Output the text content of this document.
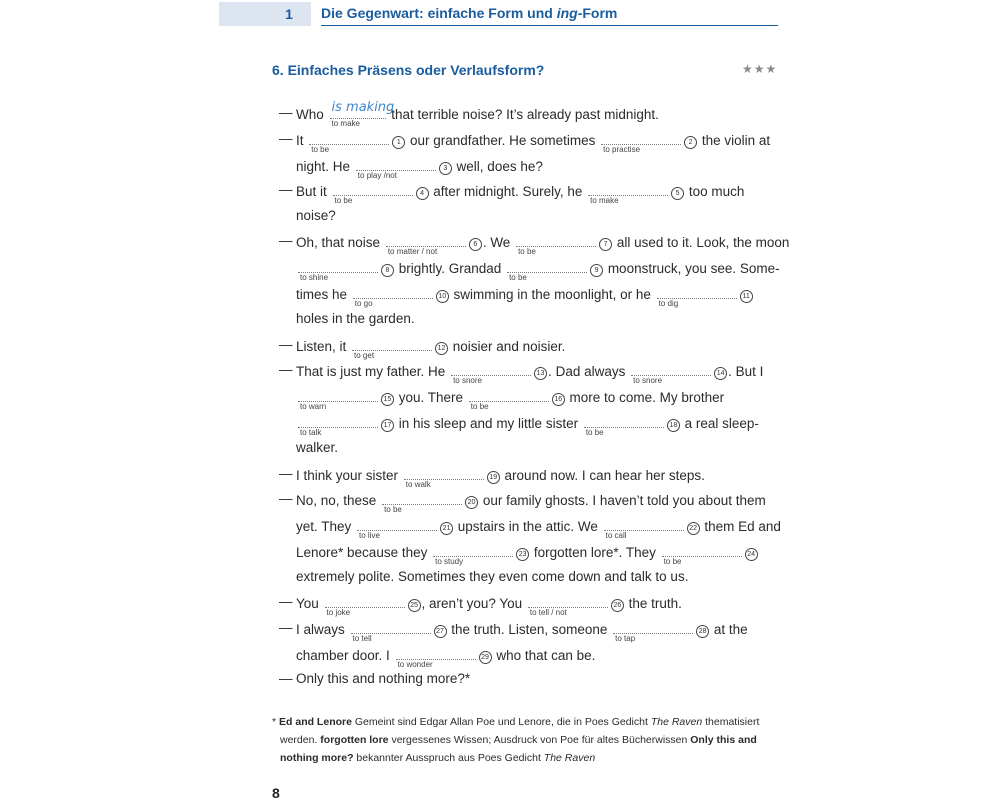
1	Die Gegenwart: einfache Form und ing-Form
6. Einfaches Präsens oder Verlaufsform?	★★★
— Who is making
to make
that terrible noise? It’s already past midnight.
— It
to be
1 our grandfather. He sometimes
to practise
2 the violin at
night. He
to play /not
3 well, does he?
— But it
to be
4 after midnight. Surely, he
to make
5 too much
noise?
— Oh, that noise
to matter / not
6 . We
to be
7 all used to it. Look, the moon
to shine
8 brightly. Grandad
to be
9 moonstruck, you see. Some-
times he
to go
10 swimming in the moonlight, or he
to dig
11
holes in the garden.
— Listen, it
to get
12 noisier and noisier.
— That is just my father. He
to snore
13 . Dad always
to snore
14 . But I
to warn
15 you. There
to be
16 more to come. My brother
to talk
17 in his sleep and my little sister
to be
18 a real sleep-
walker.
— I think your sister
to walk
19 around now. I can hear her steps.
— No, no, these
to be
20 our family ghosts. I haven’t told you about them
yet. They
to live
21 upstairs in the attic. We
to call
22 them Ed and
Lenore* because they
to study
23 forgotten lore*. They
to be
24
extremely polite. Sometimes they even come down and talk to us.
— You
to joke
25 , aren’t you? You
to tell / not
26 the truth.
— I always
to tell
27 the truth. Listen, someone
to tap
28 at the
chamber door. I
to wonder
29 who that can be.
— Only this and nothing more?*
* Ed and Lenore Gemeint sind Edgar Allan Poe und Lenore, die in Poes Gedicht The Raven thematisiert
werden. forgotten lore vergessenes Wissen; Ausdruck von Poe für altes Bücherwissen Only this and
nothing more? bekannter Ausspruch aus Poes Gedicht The Raven
8
